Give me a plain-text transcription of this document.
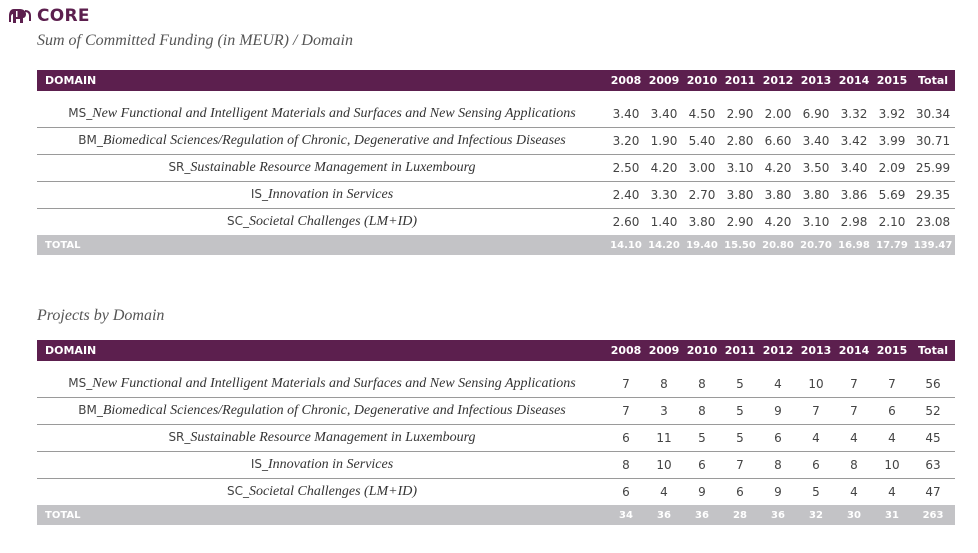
CORE
Sum of Committed Funding (in MEUR) / Domain
DOMAIN	2008	2009	2010	2011	2012	2013	2014	2015	Total

MS_New Functional and Intelligent Materials and Surfaces and New Sensing Applications	3.40	3.40	4.50	2.90	2.00	6.90	3.32	3.92	30.34
BM_Biomedical Sciences/Regulation of Chronic, Degenerative and Infectious Diseases	3.20	1.90	5.40	2.80	6.60	3.40	3.42	3.99	30.71
SR_Sustainable Resource Management in Luxembourg	2.50	4.20	3.00	3.10	4.20	3.50	3.40	2.09	25.99
IS_Innovation in Services	2.40	3.30	2.70	3.80	3.80	3.80	3.86	5.69	29.35
SC_Societal Challenges (LM+ID)	2.60	1.40	3.80	2.90	4.20	3.10	2.98	2.10	23.08
TOTAL	14.10	14.20	19.40	15.50	20.80	20.70	16.98	17.79	139.47
Projects by Domain
DOMAIN	2008	2009	2010	2011	2012	2013	2014	2015	Total

MS_New Functional and Intelligent Materials and Surfaces and New Sensing Applications	7	8	8	5	4	10	7	7	56
BM_Biomedical Sciences/Regulation of Chronic, Degenerative and Infectious Diseases	7	3	8	5	9	7	7	6	52
SR_Sustainable Resource Management in Luxembourg	6	11	5	5	6	4	4	4	45
IS_Innovation in Services	8	10	6	7	8	6	8	10	63
SC_Societal Challenges (LM+ID)	6	4	9	6	9	5	4	4	47
TOTAL	34	36	36	28	36	32	30	31	263
